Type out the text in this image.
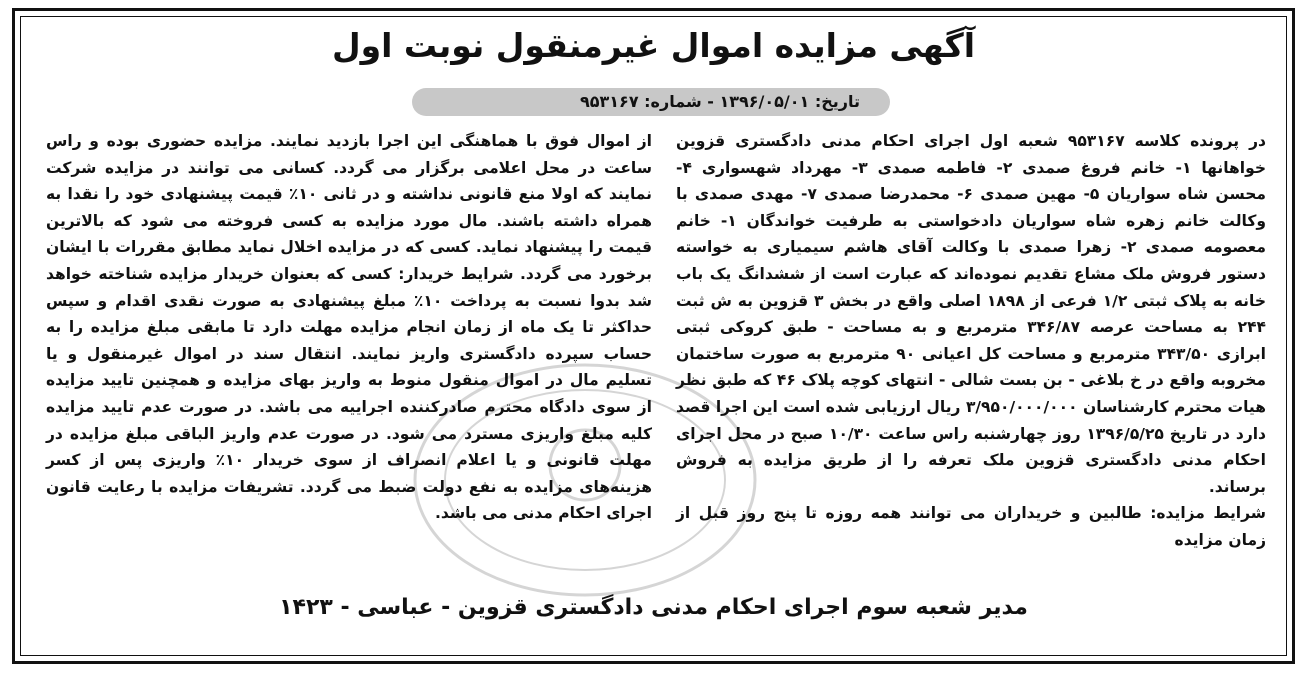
آگهی مزایده اموال غیرمنقول نوبت اول
تاریخ: ۱۳۹۶/۰۵/۰۱ - شماره: ۹۵۳۱۶۷

در پرونده کلاسه ۹۵۳۱۶۷ شعبه اول اجرای احکام مدنی دادگستری قزوین خواهانها ۱- خانم فروغ صمدی ۲- فاطمه صمدی ۳- مهرداد شهسواری ۴- محسن شاه سواریان ۵- مهین صمدی ۶- محمدرضا صمدی ۷- مهدی صمدی با وکالت خانم زهره شاه سواریان دادخواستی به طرفیت خواندگان ۱- خانم معصومه صمدی ۲- زهرا صمدی با وکالت آقای هاشم سیمیاری به خواسته دستور فروش ملک مشاع تقدیم نموده‌اند که عبارت است از ششدانگ یک باب خانه به پلاک ثبتی ۱/۲ فرعی از ۱۸۹۸ اصلی واقع در بخش ۳ قزوین به ش ثبت ۲۴۴ به مساحت عرصه ۳۴۶/۸۷ مترمربع و به مساحت - طبق کروکی ثبتی ابرازی ۳۴۳/۵۰ مترمربع و مساحت کل اعیانی ۹۰ مترمربع به صورت ساختمان مخروبه واقع در خ بلاغی - بن بست شالی - انتهای کوچه پلاک ۴۶ که طبق نظر هیات محترم کارشناسان ۳/۹۵۰/۰۰۰/۰۰۰ ریال ارزیابی شده است این اجرا قصد دارد در تاریخ ۱۳۹۶/۵/۲۵ روز چهارشنبه راس ساعت ۱۰/۳۰ صبح در محل اجرای احکام مدنی دادگستری قزوین ملک تعرفه را از طریق مزایده به فروش برساند.

شرایط مزایده: طالبین و خریداران می توانند همه روزه تا پنج روز قبل از زمان مزایده

از اموال فوق با هماهنگی این اجرا بازدید نمایند. مزایده حضوری بوده و راس ساعت در محل اعلامی برگزار می گردد. کسانی می توانند در مزایده شرکت نمایند که اولا منع قانونی نداشته و در ثانی ۱۰٪ قیمت پیشنهادی خود را نقدا به همراه داشته باشند. مال مورد مزایده به کسی فروخته می شود که بالاترین قیمت را پیشنهاد نماید. کسی که در مزایده اخلال نماید مطابق مقررات با ایشان برخورد می گردد. شرایط خریدار: کسی که بعنوان خریدار مزایده شناخته خواهد شد بدوا نسبت به پرداخت ۱۰٪ مبلغ پیشنهادی به صورت نقدی اقدام و سپس حداکثر تا یک ماه از زمان انجام مزایده مهلت دارد تا مابقی مبلغ مزایده را به حساب سپرده دادگستری واریز نمایند. انتقال سند در اموال غیرمنقول و یا تسلیم مال در اموال منقول منوط به واریز بهای مزایده و همچنین تایید مزایده از سوی دادگاه محترم صادرکننده اجراییه می باشد. در صورت عدم تایید مزایده کلیه مبلغ واریزی مسترد می شود. در صورت عدم واریز الباقی مبلغ مزایده در مهلت قانونی و یا اعلام انصراف از سوی خریدار ۱۰٪ واریزی پس از کسر هزینه‌های مزایده به نفع دولت ضبط می گردد. تشریفات مزایده با رعایت قانون اجرای احکام مدنی می باشد.

مدیر شعبه سوم اجرای احکام مدنی دادگستری قزوین - عباسی - ۱۴۲۳
